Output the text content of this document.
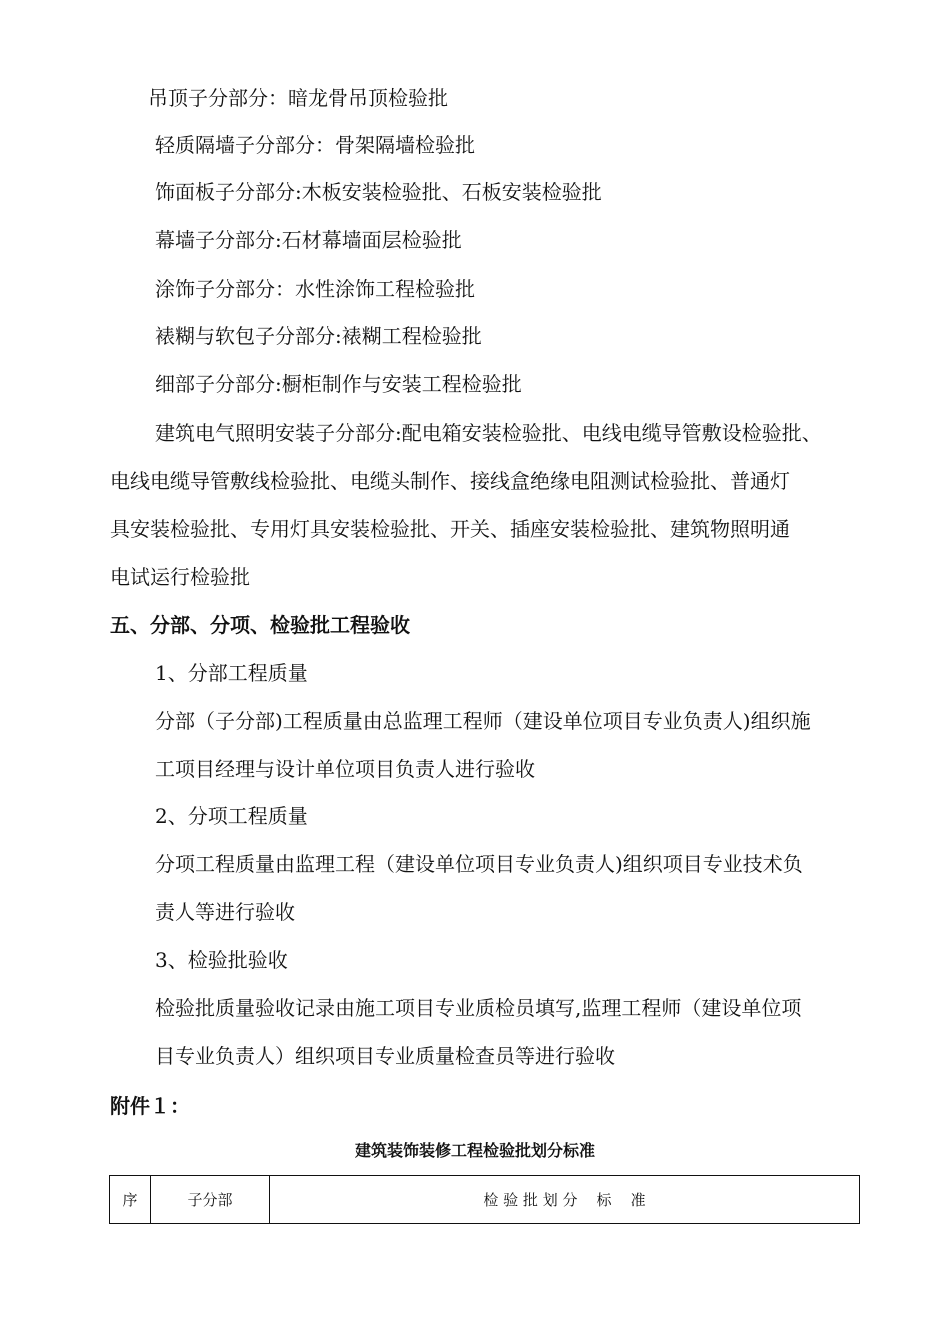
吊顶子分部分：暗龙骨吊顶检验批
轻质隔墙子分部分：骨架隔墙检验批
饰面板子分部分:木板安装检验批、石板安装检验批
幕墙子分部分:石材幕墙面层检验批
涂饰子分部分：水性涂饰工程检验批
裱糊与软包子分部分:裱糊工程检验批
细部子分部分:橱柜制作与安装工程检验批
建筑电气照明安装子分部分:配电箱安装检验批、电线电缆导管敷设检验批、
电线电缆导管敷线检验批、电缆头制作、接线盒绝缘电阻测试检验批、普通灯
具安装检验批、专用灯具安装检验批、开关、插座安装检验批、建筑物照明通
电试运行检验批
五、分部、分项、检验批工程验收
1、分部工程质量
分部（子分部)工程质量由总监理工程师（建设单位项目专业负责人)组织施
工项目经理与设计单位项目负责人进行验收
2、分项工程质量
分项工程质量由监理工程（建设单位项目专业负责人)组织项目专业技术负
责人等进行验收
3、检验批验收
检验批质量验收记录由施工项目专业质检员填写,监理工程师（建设单位项
目专业负责人）组织项目专业质量检查员等进行验收
附件１：
建筑装饰装修工程检验批划分标准
序	子分部	检 验 批 划 分    标    准
